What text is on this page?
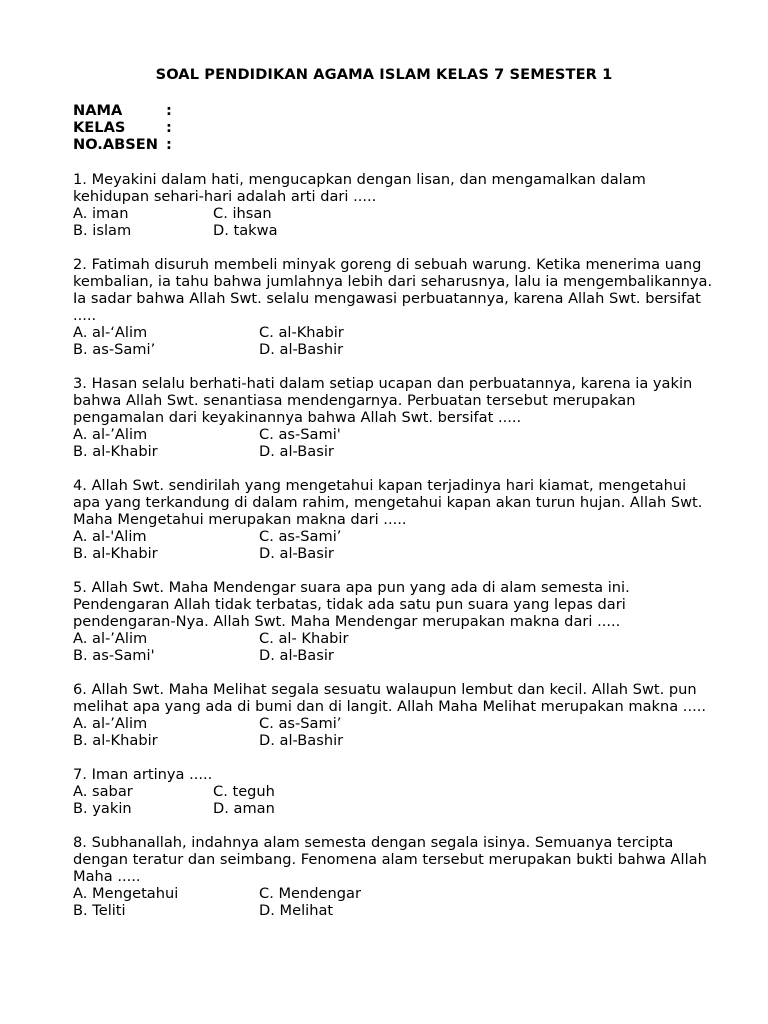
SOAL PENDIDIKAN AGAMA ISLAM KELAS 7 SEMESTER 1
NAMA	:
KELAS	:
NO.ABSEN :

1. Meyakini dalam hati, mengucapkan dengan lisan, dan mengamalkan dalam kehidupan sehari-hari adalah arti dari .....

A. iman	C. ihsan
B. islam	D. takwa

2. Fatimah disuruh membeli minyak goreng di sebuah warung. Ketika menerima uang kembalian, ia tahu bahwa jumlahnya lebih dari seharusnya, lalu ia mengembalikannya. Ia sadar bahwa Allah Swt. selalu mengawasi perbuatannya, karena Allah Swt. bersifat .....

A. al-‘Alim	C. al-Khabir
B. as-Sami’	D. al-Bashir

3. Hasan selalu berhati-hati dalam setiap ucapan dan perbuatannya, karena ia yakin bahwa Allah Swt. senantiasa mendengarnya. Perbuatan tersebut merupakan pengamalan dari keyakinannya bahwa Allah Swt. bersifat .....

A. al-’Alim	C. as-Sami'
B. al-Khabir	D. al-Basir

4. Allah Swt. sendirilah yang mengetahui kapan terjadinya hari kiamat, mengetahui apa yang terkandung di dalam rahim, mengetahui kapan akan turun hujan. Allah Swt. Maha Mengetahui merupakan makna dari .....

A. al-'Alim	C. as-Sami’
B. al-Khabir	D. al-Basir

5. Allah Swt. Maha Mendengar suara apa pun yang ada di alam semesta ini. Pendengaran Allah tidak terbatas, tidak ada satu pun suara yang lepas dari pendengaran-Nya. Allah Swt. Maha Mendengar merupakan makna dari .....

A. al-’Alim	C. al- Khabir
B. as-Sami'	D. al-Basir

6. Allah Swt. Maha Melihat segala sesuatu walaupun lembut dan kecil. Allah Swt. pun melihat apa yang ada di bumi dan di langit. Allah Maha Melihat merupakan makna .....

A. al-’Alim	C. as-Sami’
B. al-Khabir	D. al-Bashir

7. Iman artinya .....

A. sabar	C. teguh
B. yakin	D. aman

8. Subhanallah, indahnya alam semesta dengan segala isinya. Semuanya tercipta dengan teratur dan seimbang. Fenomena alam tersebut merupakan bukti bahwa Allah Maha .....

A. Mengetahui	C. Mendengar
B. Teliti	D. Melihat
